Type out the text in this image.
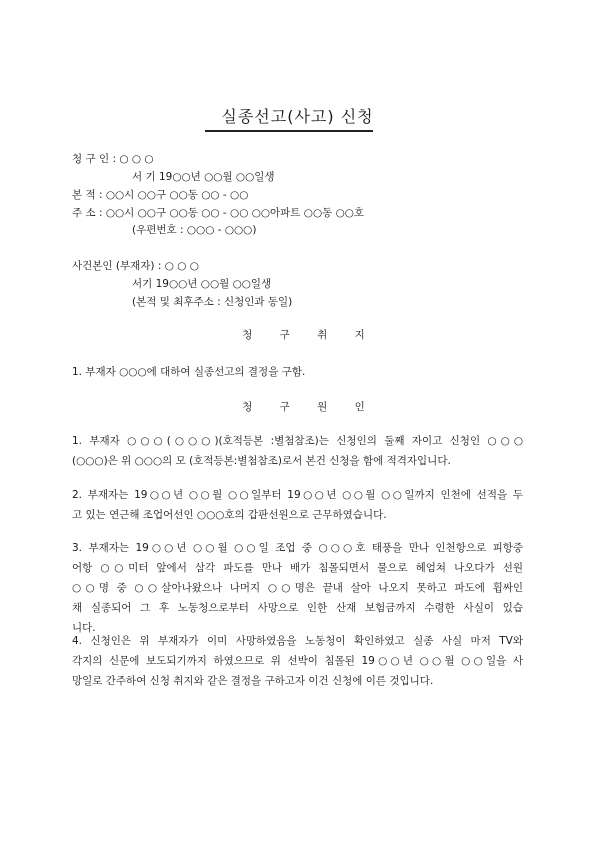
실종선고(사고) 신청
청 구 인 : ○ ○ ○
서 기 19○○년 ○○월 ○○일생
본 적 : ○○시 ○○구 ○○동 ○○ - ○○
주 소 : ○○시 ○○구 ○○동 ○○ - ○○ ○○아파트 ○○동 ○○호
(우편번호 : ○○○ - ○○○)
사건본인 (부재자) : ○ ○ ○
서기 19○○년 ○○월 ○○일생
(본적 및 최후주소 : 신청인과 동일)
청 구 취 지
1. 부재자 ○○○에 대하여 실종선고의 결정을 구함.
청 구 원 인
1. 부재자 ○○○(○○○)(호적등본 :별첨참조)는 신청인의 둘째 자이고 신청인 ○○○
(○○○)은 위 ○○○의 모 (호적등본:별첨참조)로서 본건 신청을 함에 적격자입니다.
2. 부재자는 19○○년 ○○월 ○○일부터 19○○년 ○○월 ○○일까지 인천에 선적을 두
고 있는 연근해 조업어선인 ○○○호의 갑판선원으로 근무하였습니다.
3. 부재자는 19○○년 ○○월 ○○일 조업 중 ○○○호 태풍을 만나 인천항으로 피항중
어항 ○○미터 앞에서 삼각 파도를 만나 배가 침몰되면서 물으로 헤엄쳐 나오다가 선원
○○명 중 ○○살아나왔으나 나머지 ○○명은 끝내 살아 나오지 못하고 파도에 휩싸인
채 실종되어 그 후 노동청으로부터 사망으로 인한 산재 보험금까지 수령한 사실이 있습
니다.
4. 신청인은 위 부재자가 이미 사망하였음을 노동청이 확인하였고 실종 사실 마저 TV와
각지의 신문에 보도되기까지 하였으므로 위 선박이 침몰된 19○○년 ○○월 ○○일을 사
망일로 간주하여 신청 취지와 같은 결정을 구하고자 이건 신청에 이른 것입니다.
